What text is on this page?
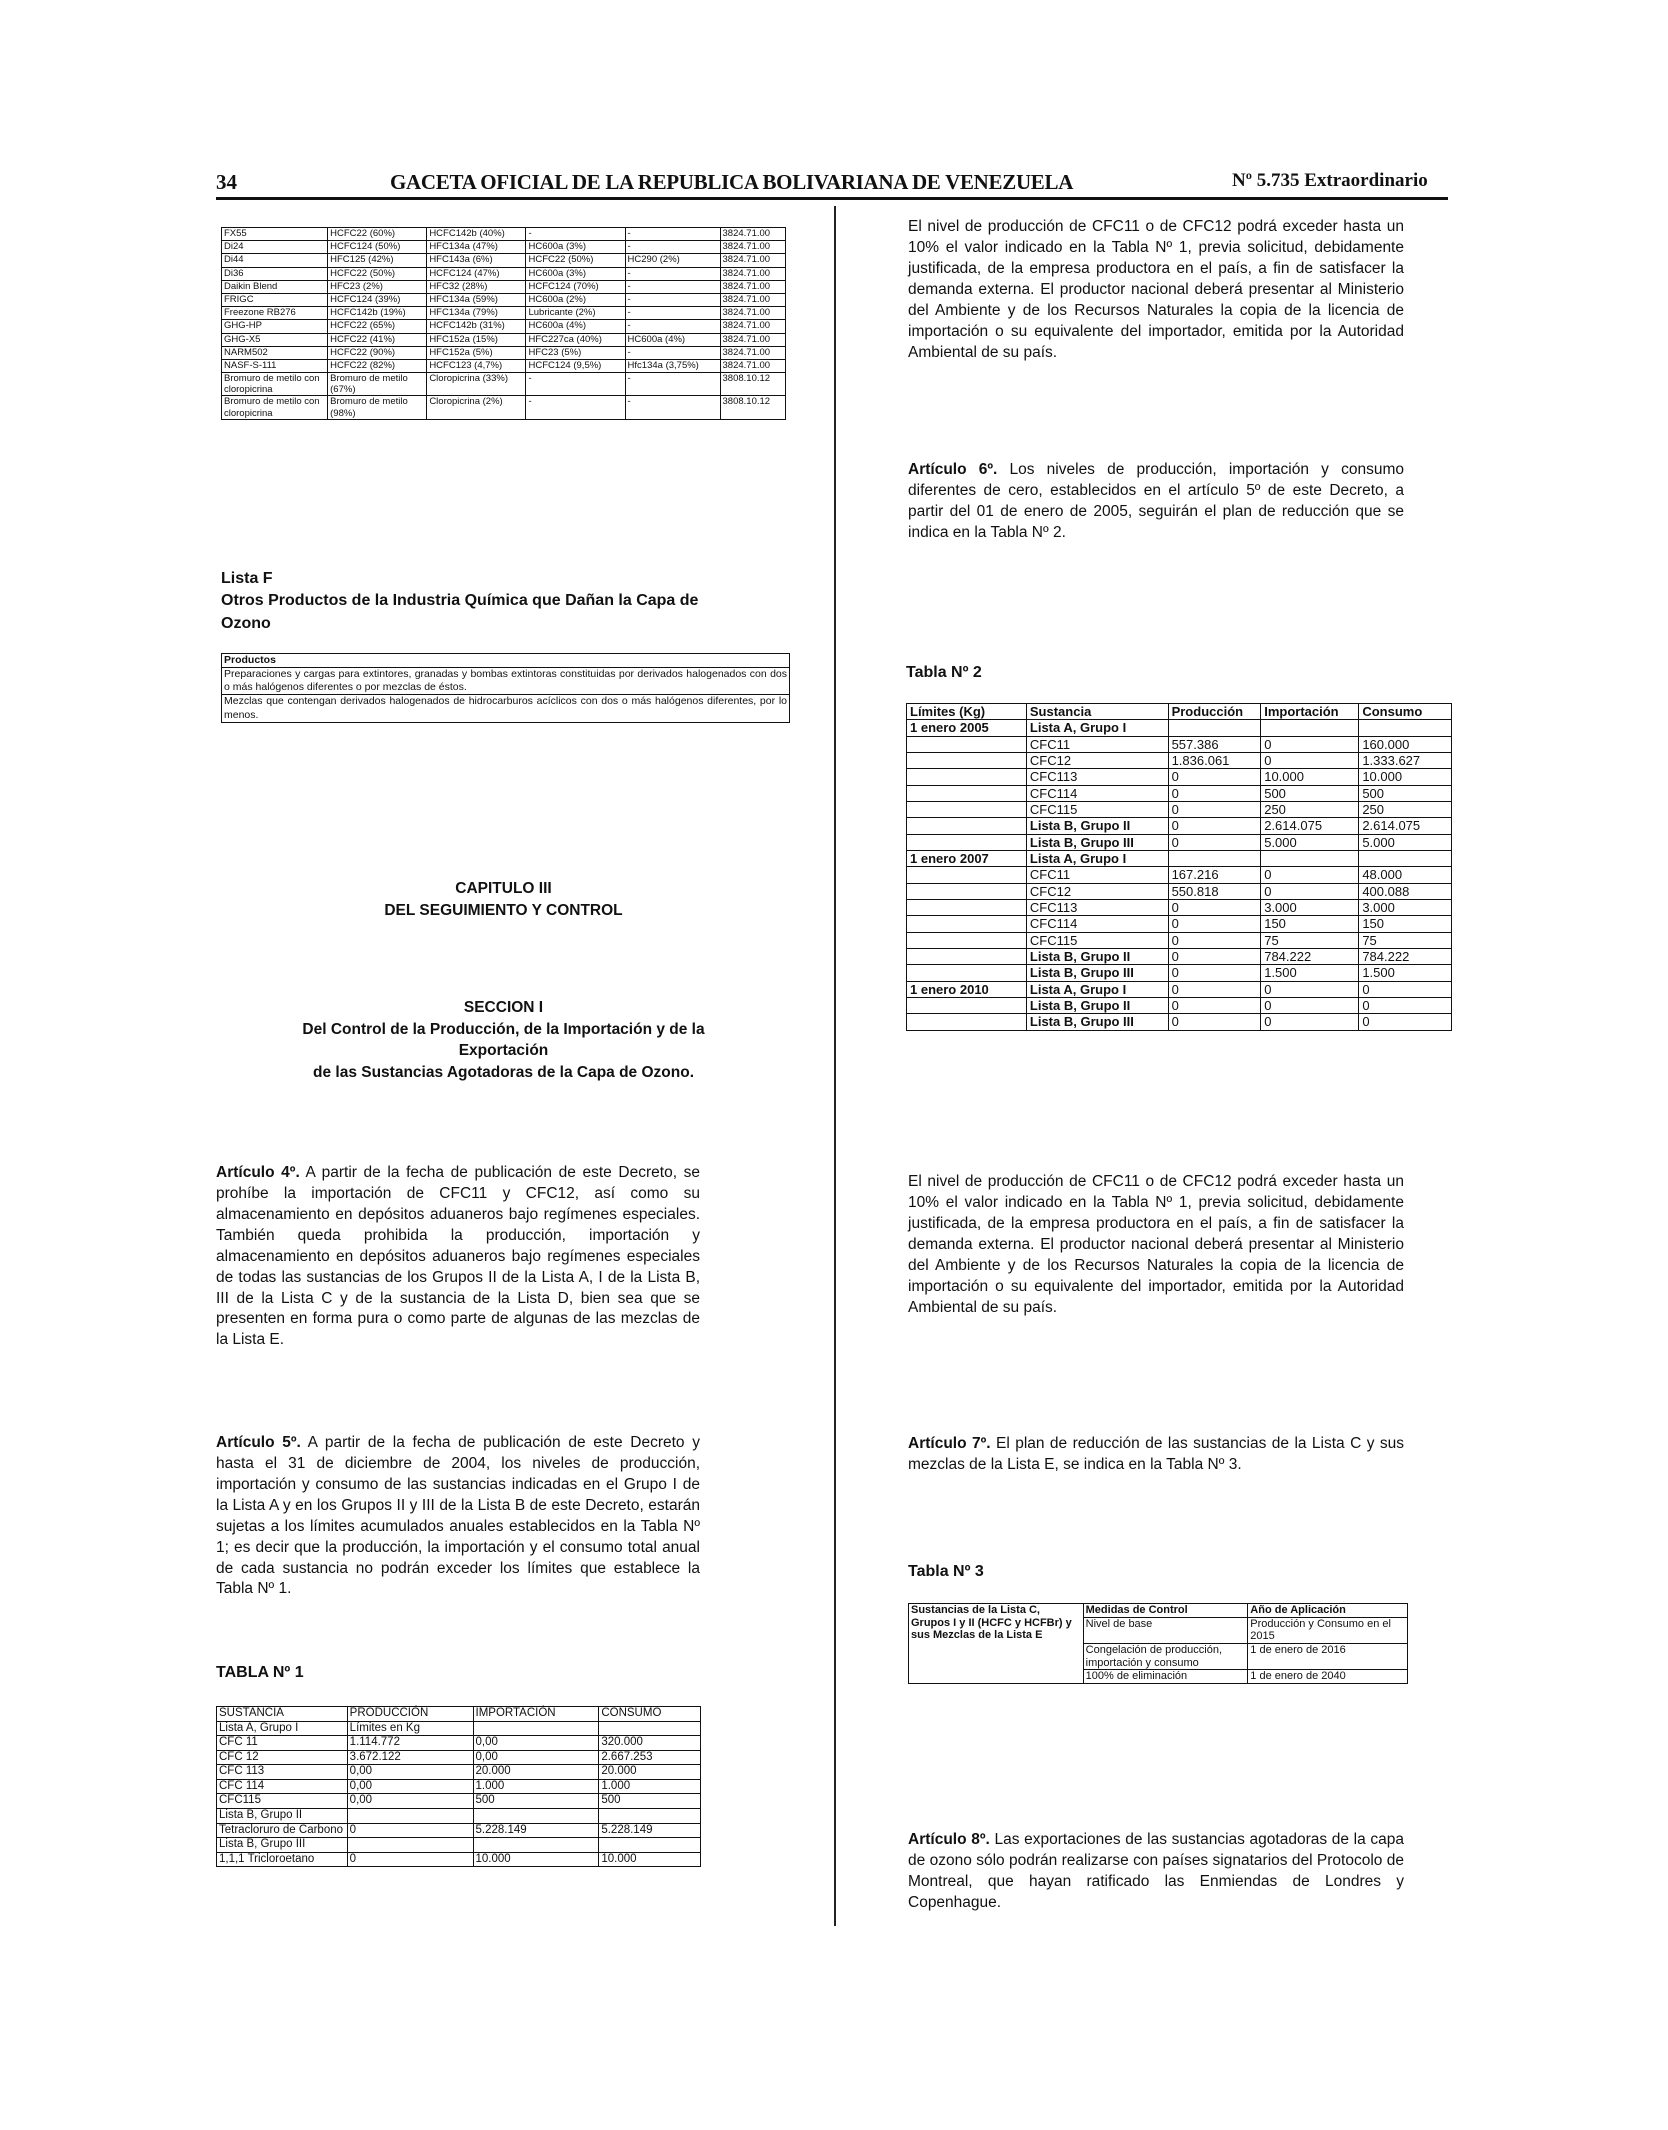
34	GACETA OFICIAL DE LA REPUBLICA BOLIVARIANA DE VENEZUELA	Nº 5.735 Extraordinario
FX55	HCFC22 (60%)	HCFC142b (40%)	-	-	3824.71.00
Di24	HCFC124 (50%)	HFC134a (47%)	HC600a (3%)	-	3824.71.00
Di44	HFC125 (42%)	HFC143a (6%)	HCFC22 (50%)	HC290 (2%)	3824.71.00
Di36	HCFC22 (50%)	HCFC124 (47%)	HC600a (3%)	-	3824.71.00
Daikin Blend	HFC23 (2%)	HFC32 (28%)	HCFC124 (70%)	-	3824.71.00
FRIGC	HCFC124 (39%)	HFC134a (59%)	HC600a (2%)	-	3824.71.00
Freezone RB276	HCFC142b (19%)	HFC134a (79%)	Lubricante (2%)	-	3824.71.00
GHG-HP	HCFC22 (65%)	HCFC142b (31%)	HC600a (4%)	-	3824.71.00
GHG-X5	HCFC22 (41%)	HFC152a (15%)	HFC227ca (40%)	HC600a (4%)	3824.71.00
NARM502	HCFC22 (90%)	HFC152a (5%)	HFC23 (5%)	-	3824.71.00
NASF-S-111	HCFC22 (82%)	HCFC123 (4,7%)	HCFC124 (9,5%)	Hfc134a (3,75%)	3824.71.00
Bromuro de metilo con cloropicrina	Bromuro de metilo (67%)	Cloropicrina (33%)	-	-	3808.10.12
Bromuro de metilo con cloropicrina	Bromuro de metilo (98%)	Cloropicrina (2%)	-	-	3808.10.12
Lista F
Otros Productos de la Industria Química que Dañan la Capa de Ozono
Productos
Preparaciones y cargas para extintores, granadas y bombas extintoras constituidas por derivados halogenados con dos o más halógenos diferentes o por mezclas de éstos.
Mezclas que contengan derivados halogenados de hidrocarburos acíclicos con dos o más halógenos diferentes, por lo menos.
CAPITULO III
DEL SEGUIMIENTO Y CONTROL
SECCION I
Del Control de la Producción, de la Importación y de la
Exportación
de las Sustancias Agotadoras de la Capa de Ozono.
Artículo 4º. A partir de la fecha de publicación de este Decreto, se prohíbe la importación de CFC11 y CFC12, así como su almacenamiento en depósitos aduaneros bajo regímenes especiales. También queda prohibida la producción, importación y almacenamiento en depósitos aduaneros bajo regímenes especiales de todas las sustancias de los Grupos II de la Lista A, I de la Lista B, III de la Lista C y de la sustancia de la Lista D, bien sea que se presenten en forma pura o como parte de algunas de las mezclas de la Lista E.
Artículo 5º. A partir de la fecha de publicación de este Decreto y hasta el 31 de diciembre de 2004, los niveles de producción, importación y consumo de las sustancias indicadas en el Grupo I de la Lista A y en los Grupos II y III de la Lista B de este Decreto, estarán sujetas a los límites acumulados anuales establecidos en la Tabla Nº 1; es decir que la producción, la importación y el consumo total anual de cada sustancia no podrán exceder los límites que establece la Tabla Nº 1.
TABLA Nº 1
SUSTANCIA	PRODUCCIÓN	IMPORTACIÓN	CONSUMO
Lista A, Grupo I	Límites en Kg		
CFC 11	1.114.772	0,00	320.000
CFC 12	3.672.122	0,00	2.667.253
CFC 113	0,00	20.000	20.000
CFC 114	0,00	1.000	1.000
CFC115	0,00	500	500
Lista B, Grupo II			
Tetracloruro de Carbono	0	5.228.149	5.228.149
Lista B, Grupo III			
1,1,1 Tricloroetano	0	10.000	10.000
El nivel de producción de CFC11 o de CFC12 podrá exceder hasta un 10% el valor indicado en la Tabla Nº 1, previa solicitud, debidamente justificada, de la empresa productora en el país, a fin de satisfacer la demanda externa. El productor nacional deberá presentar al Ministerio del Ambiente y de los Recursos Naturales la copia de la licencia de importación o su equivalente del importador, emitida por la Autoridad Ambiental de su país.
Artículo 6º. Los niveles de producción, importación y consumo diferentes de cero, establecidos en el artículo 5º de este Decreto, a partir del 01 de enero de 2005, seguirán el plan de reducción que se indica en la Tabla Nº 2.
Tabla Nº 2
Límites (Kg)	Sustancia	Producción	Importación	Consumo
1 enero 2005	Lista A, Grupo I			
	CFC11	557.386	0	160.000
	CFC12	1.836.061	0	1.333.627
	CFC113	0	10.000	10.000
	CFC114	0	500	500
	CFC115	0	250	250
	Lista B, Grupo II	0	2.614.075	2.614.075
	Lista B, Grupo III	0	5.000	5.000
1 enero 2007	Lista A, Grupo I			
	CFC11	167.216	0	48.000
	CFC12	550.818	0	400.088
	CFC113	0	3.000	3.000
	CFC114	0	150	150
	CFC115	0	75	75
	Lista B, Grupo II	0	784.222	784.222
	Lista B, Grupo III	0	1.500	1.500
1 enero 2010	Lista A, Grupo I	0	0	0
	Lista B, Grupo II	0	0	0
	Lista B, Grupo III	0	0	0
El nivel de producción de CFC11 o de CFC12 podrá exceder hasta un 10% el valor indicado en la Tabla Nº 1, previa solicitud, debidamente justificada, de la empresa productora en el país, a fin de satisfacer la demanda externa. El productor nacional deberá presentar al Ministerio del Ambiente y de los Recursos Naturales la copia de la licencia de importación o su equivalente del importador, emitida por la Autoridad Ambiental de su país.
Artículo 7º. El plan de reducción de las sustancias de la Lista C y sus mezclas de la Lista E, se indica en la Tabla Nº 3.
Tabla Nº 3
Sustancias de la Lista C, Grupos I y II (HCFC y HCFBr) y sus Mezclas de la Lista E	Medidas de Control	Año de Aplicación
	Nivel de base	Producción y Consumo en el 2015
	Congelación de producción, importación y consumo	1 de enero de 2016
	100% de eliminación	1 de enero de 2040
Artículo 8º. Las exportaciones de las sustancias agotadoras de la capa de ozono sólo podrán realizarse con países signatarios del Protocolo de Montreal, que hayan ratificado las Enmiendas de Londres y Copenhague.
